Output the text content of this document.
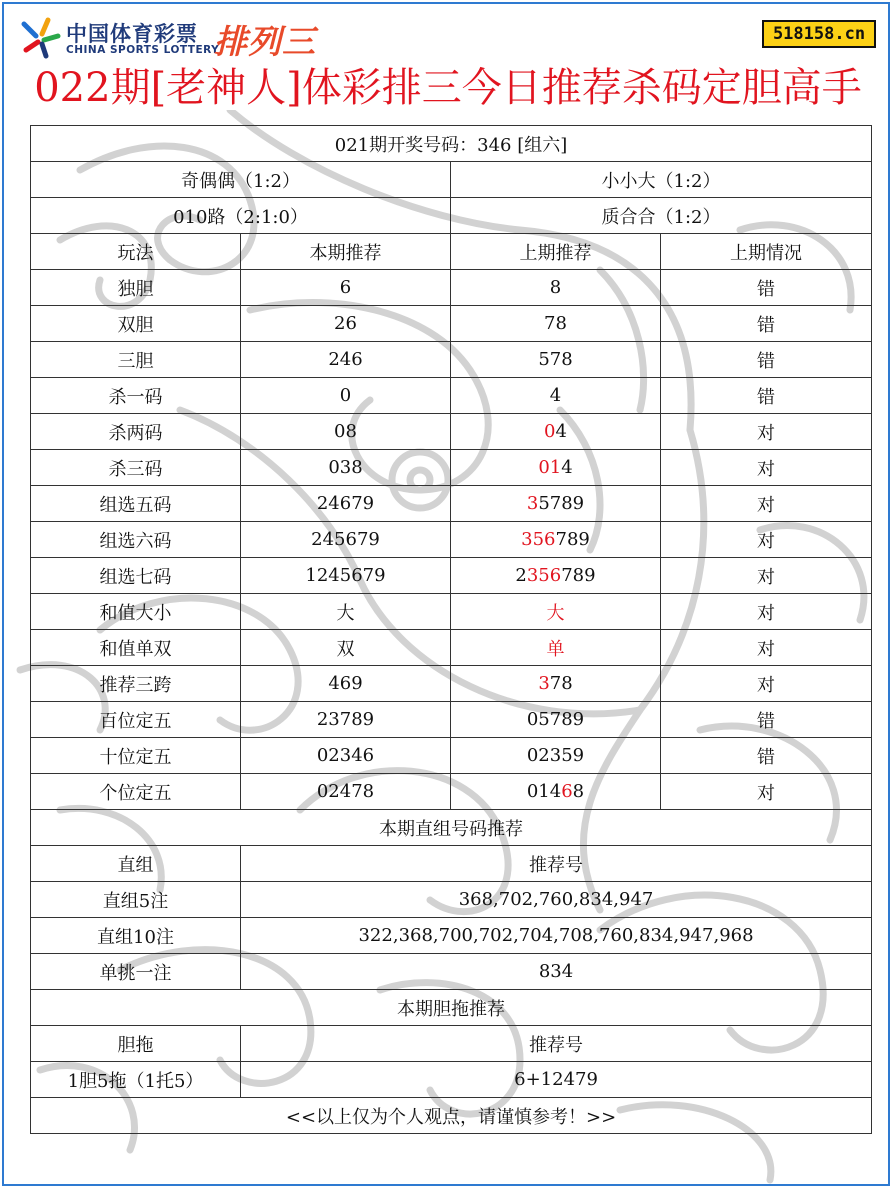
中国体育彩票
CHINA SPORTS LOTTERY
排列三	518158.cn
022期[老神人]体彩排三今日推荐杀码定胆高手
021期开奖号码：346 [组六]			
奇偶偶（1:2）		小小大（1:2）	
010路（2:1:0）		质合合（1:2）	
玩法	本期推荐	上期推荐	上期情况
独胆	6	8	错
双胆	26	78	错
三胆	246	578	错
杀一码	0	4	错
杀两码	08	04	对
杀三码	038	014	对
组选五码	24679	35789	对
组选六码	245679	356789	对
组选七码	1245679	2356789	对
和值大小	大	大	对
和值单双	双	单	对
推荐三跨	469	378	对
百位定五	23789	05789	错
十位定五	02346	02359	错
个位定五	02478	01468	对
本期直组号码推荐			
直组	推荐号		
直组5注	368,702,760,834,947		
直组10注	322,368,700,702,704,708,760,834,947,968		
单挑一注	834		
本期胆拖推荐			
胆拖	推荐号		
1胆5拖（1托5）	6+12479		
<<以上仅为个人观点，请谨慎参考！>>			
